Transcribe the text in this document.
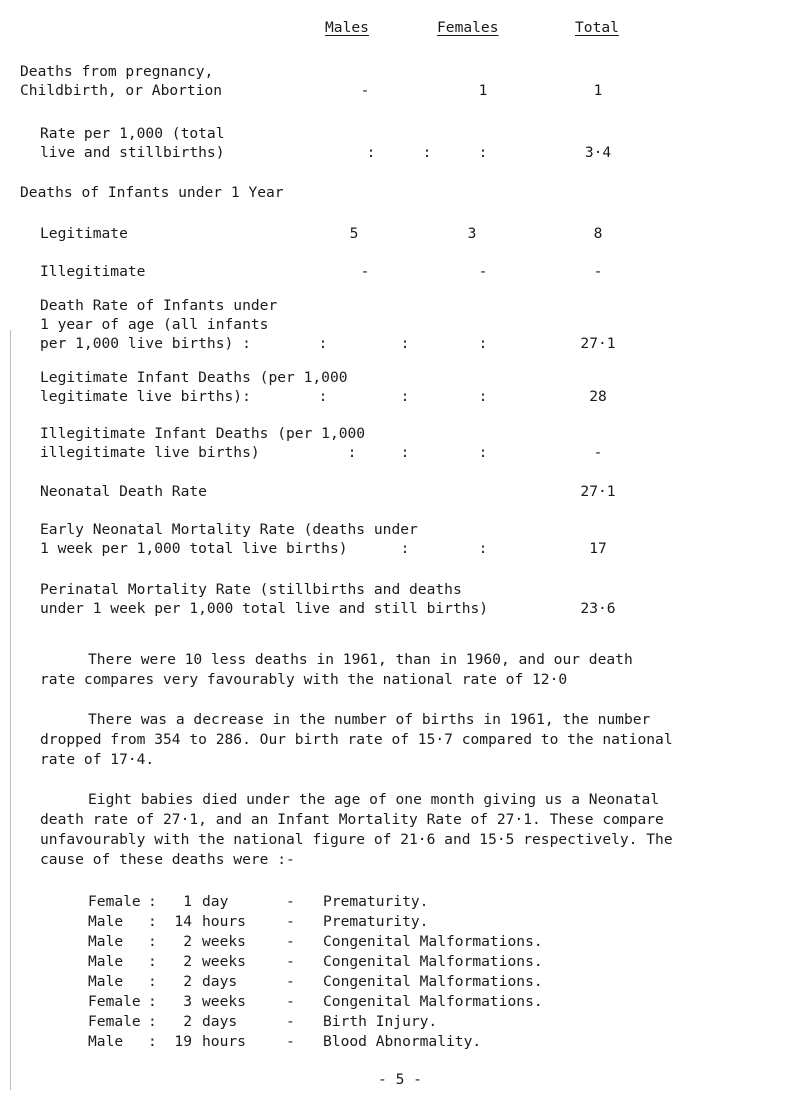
Males	Females	Total
Deaths from pregnancy,
Childbirth, or Abortion	-	1	1
Rate per 1,000 (total
live and stillbirths)	:	:	:	3·4
Deaths of Infants under 1 Year
Legitimate	5	3	8
Illegitimate	-	-	-
Death Rate of Infants under
1 year of age (all infants
per 1,000 live births) :	:	:	:	27·1
Legitimate Infant Deaths (per 1,000
legitimate live births):	:	:	:	28
Illegitimate Infant Deaths (per 1,000
illegitimate live births)	:	:	:	-
Neonatal Death Rate	27·1
Early Neonatal Mortality Rate (deaths under
1 week per 1,000 total live births)	:	:	17
Perinatal Mortality Rate (stillbirths and deaths
under 1 week per 1,000 total live and still births)	23·6
There were 10 less deaths in 1961, than in 1960, and our death
rate compares very favourably with the national rate of 12·0
There was a decrease in the number of births in 1961, the number
dropped from 354 to 286. Our birth rate of 15·7 compared to the national
rate of 17·4.
Eight babies died under the age of one month giving us a Neonatal
death rate of 27·1, and an Infant Mortality Rate of 27·1. These compare
unfavourably with the national figure of 21·6 and 15·5 respectively. The
cause of these deaths were :-
Female :	1 day	- Prematurity.
Male :	14 hours	- Prematurity.
Male :	2 weeks	- Congenital Malformations.
Male :	2 weeks	- Congenital Malformations.
Male :	2 days	- Congenital Malformations.
Female :	3 weeks	- Congenital Malformations.
Female :	2 days	- Birth Injury.
Male :	19 hours	- Blood Abnormality.
- 5 -
